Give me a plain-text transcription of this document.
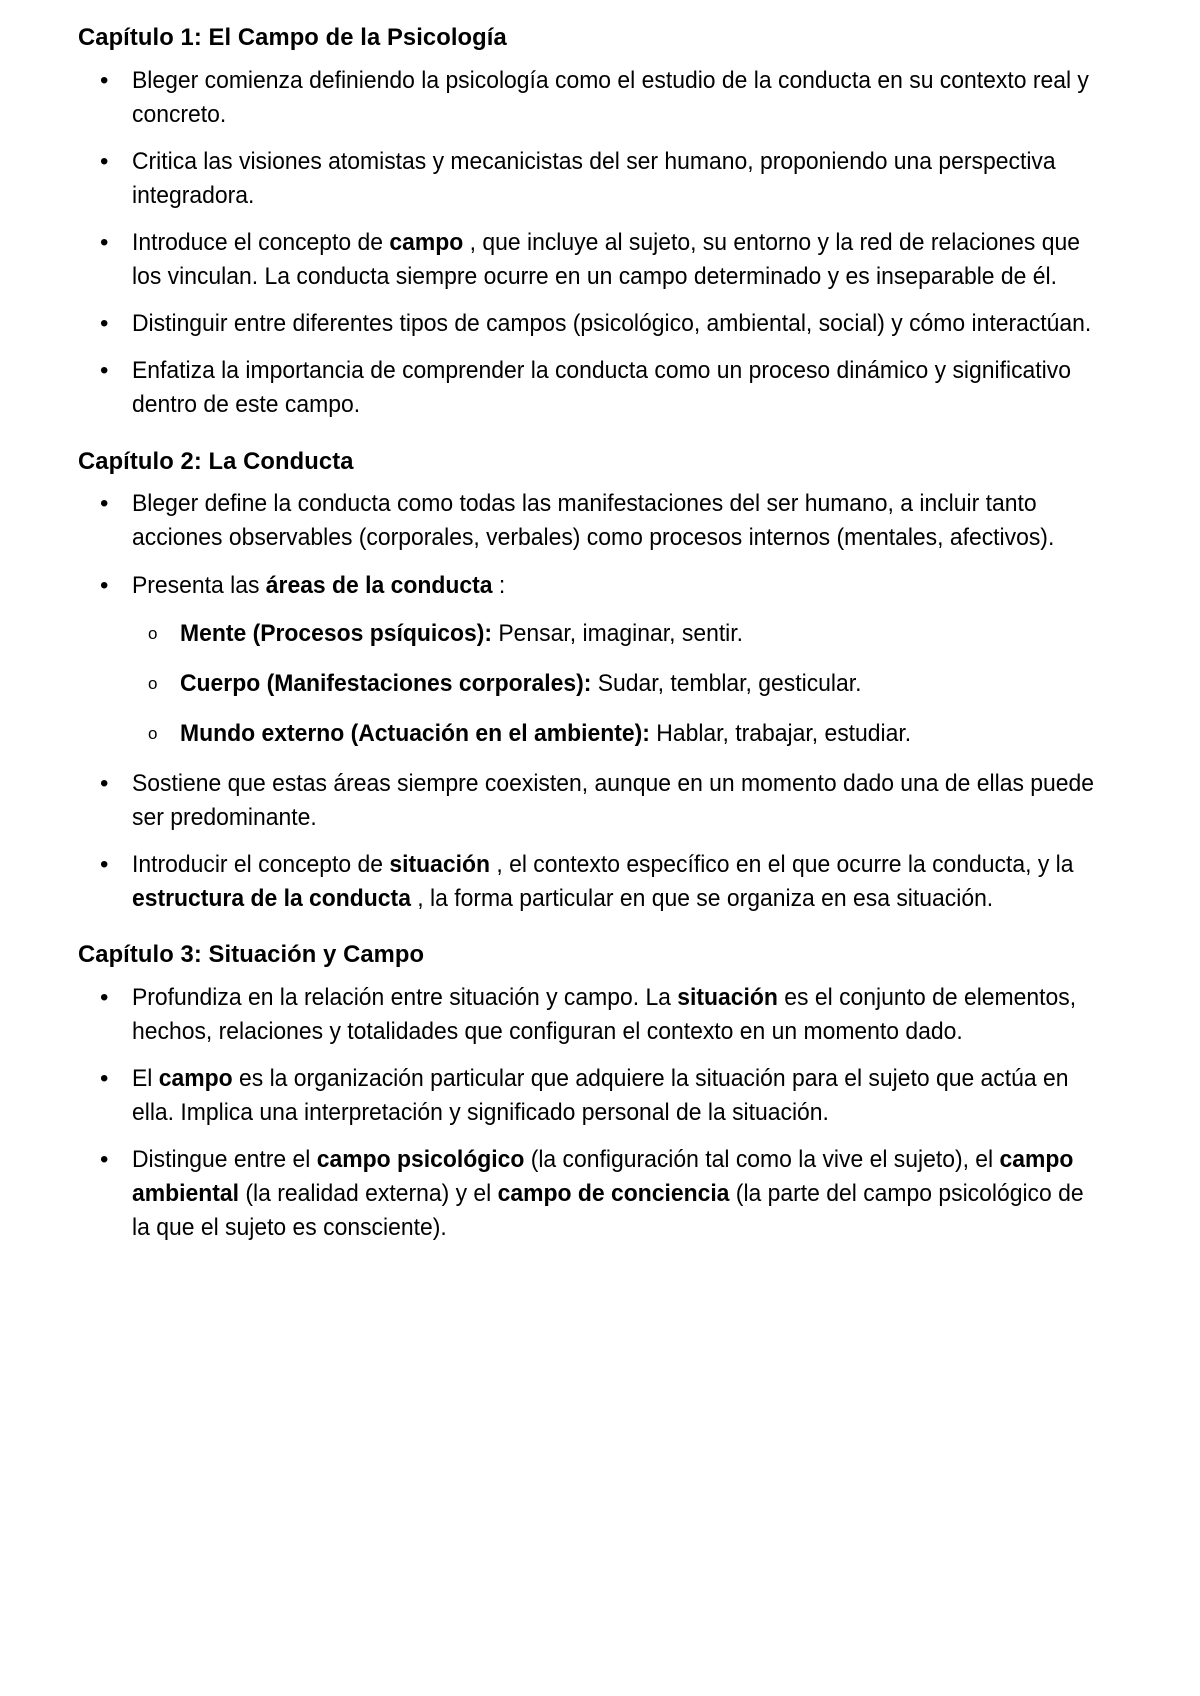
Capítulo 1: El Campo de la Psicología
• Bleger comienza definiendo la psicología como el estudio de la conducta en su contexto real y concreto.
• Critica las visiones atomistas y mecanicistas del ser humano, proponiendo una perspectiva integradora.
• Introduce el concepto de campo , que incluye al sujeto, su entorno y la red de relaciones que los vinculan. La conducta siempre ocurre en un campo determinado y es inseparable de él.
• Distinguir entre diferentes tipos de campos (psicológico, ambiental, social) y cómo interactúan.
• Enfatiza la importancia de comprender la conducta como un proceso dinámico y significativo dentro de este campo.
Capítulo 2: La Conducta
• Bleger define la conducta como todas las manifestaciones del ser humano, a incluir tanto acciones observables (corporales, verbales) como procesos internos (mentales, afectivos).
• Presenta las áreas de la conducta :
o Mente (Procesos psíquicos): Pensar, imaginar, sentir.
o Cuerpo (Manifestaciones corporales): Sudar, temblar, gesticular.
o Mundo externo (Actuación en el ambiente): Hablar, trabajar, estudiar.
• Sostiene que estas áreas siempre coexisten, aunque en un momento dado una de ellas puede ser predominante.
• Introducir el concepto de situación , el contexto específico en el que ocurre la conducta, y la estructura de la conducta , la forma particular en que se organiza en esa situación.
Capítulo 3: Situación y Campo
• Profundiza en la relación entre situación y campo. La situación es el conjunto de elementos, hechos, relaciones y totalidades que configuran el contexto en un momento dado.
• El campo es la organización particular que adquiere la situación para el sujeto que actúa en ella. Implica una interpretación y significado personal de la situación.
• Distingue entre el campo psicológico (la configuración tal como la vive el sujeto), el campo ambiental (la realidad externa) y el campo de conciencia (la parte del campo psicológico de la que el sujeto es consciente).
